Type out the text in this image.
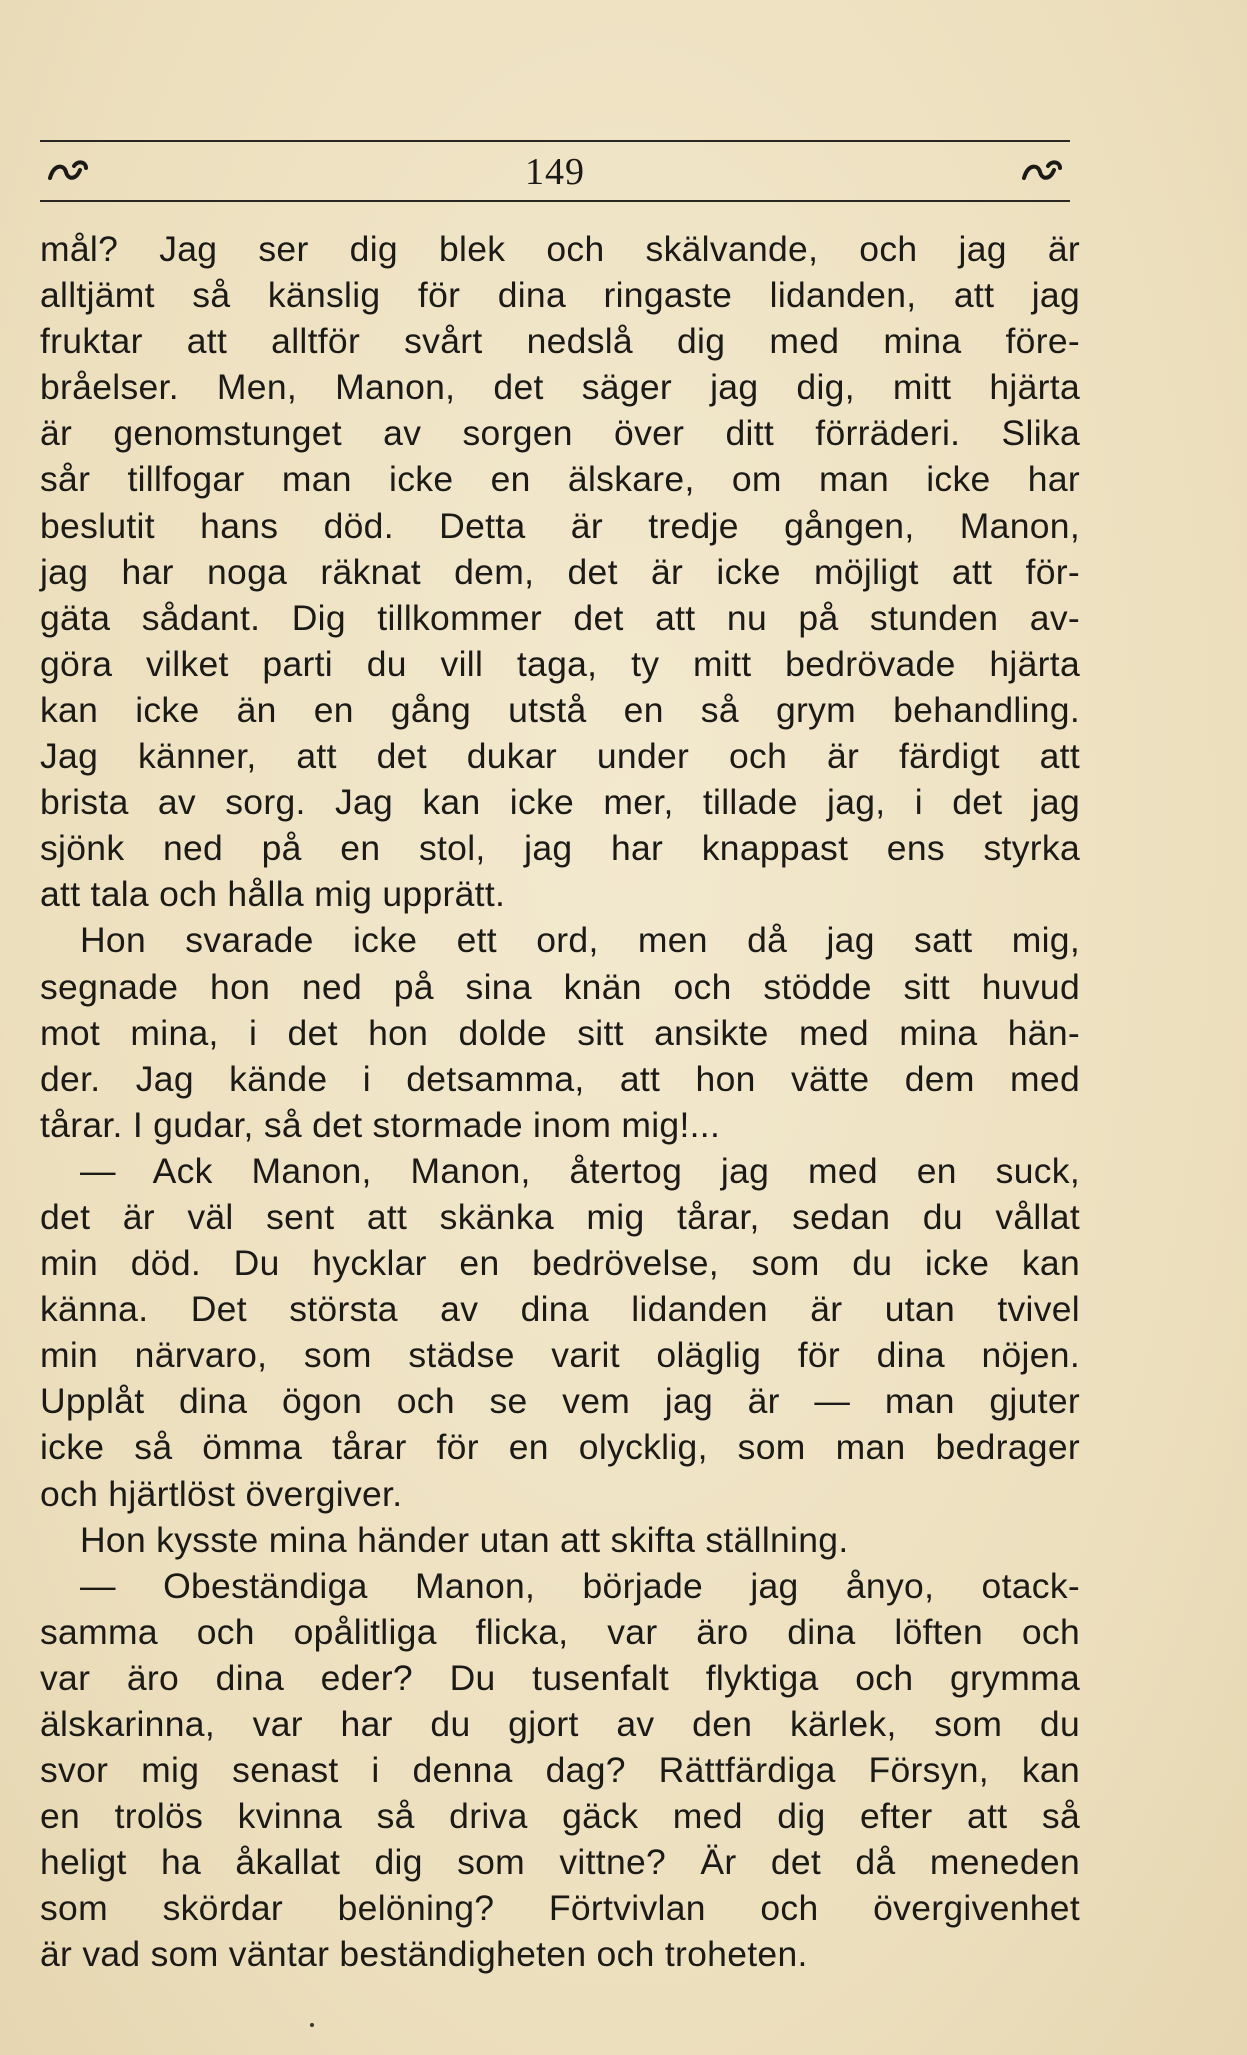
149
mål? Jag ser dig blek och skälvande, och jag är
alltjämt så känslig för dina ringaste lidanden, att jag
fruktar att alltför svårt nedslå dig med mina före-
bråelser. Men, Manon, det säger jag dig, mitt hjärta
är genomstunget av sorgen över ditt förräderi. Slika
sår tillfogar man icke en älskare, om man icke har
beslutit hans död. Detta är tredje gången, Manon,
jag har noga räknat dem, det är icke möjligt att för-
gäta sådant. Dig tillkommer det att nu på stunden av-
göra vilket parti du vill taga, ty mitt bedrövade hjärta
kan icke än en gång utstå en så grym behandling.
Jag känner, att det dukar under och är färdigt att
brista av sorg. Jag kan icke mer, tillade jag, i det jag
sjönk ned på en stol, jag har knappast ens styrka
att tala och hålla mig upprätt.
Hon svarade icke ett ord, men då jag satt mig,
segnade hon ned på sina knän och stödde sitt huvud
mot mina, i det hon dolde sitt ansikte med mina hän-
der. Jag kände i detsamma, att hon vätte dem med
tårar. I gudar, så det stormade inom mig!...
— Ack Manon, Manon, återtog jag med en suck,
det är väl sent att skänka mig tårar, sedan du vållat
min död. Du hycklar en bedrövelse, som du icke kan
känna. Det största av dina lidanden är utan tvivel
min närvaro, som städse varit oläglig för dina nöjen.
Upplåt dina ögon och se vem jag är — man gjuter
icke så ömma tårar för en olycklig, som man bedrager
och hjärtlöst övergiver.
Hon kysste mina händer utan att skifta ställning.
— Obeständiga Manon, började jag ånyo, otack-
samma och opålitliga flicka, var äro dina löften och
var äro dina eder? Du tusenfalt flyktiga och grymma
älskarinna, var har du gjort av den kärlek, som du
svor mig senast i denna dag? Rättfärdiga Försyn, kan
en trolös kvinna så driva gäck med dig efter att så
heligt ha åkallat dig som vittne? Är det då meneden
som skördar belöning? Förtvivlan och övergivenhet
är vad som väntar beständigheten och troheten.
